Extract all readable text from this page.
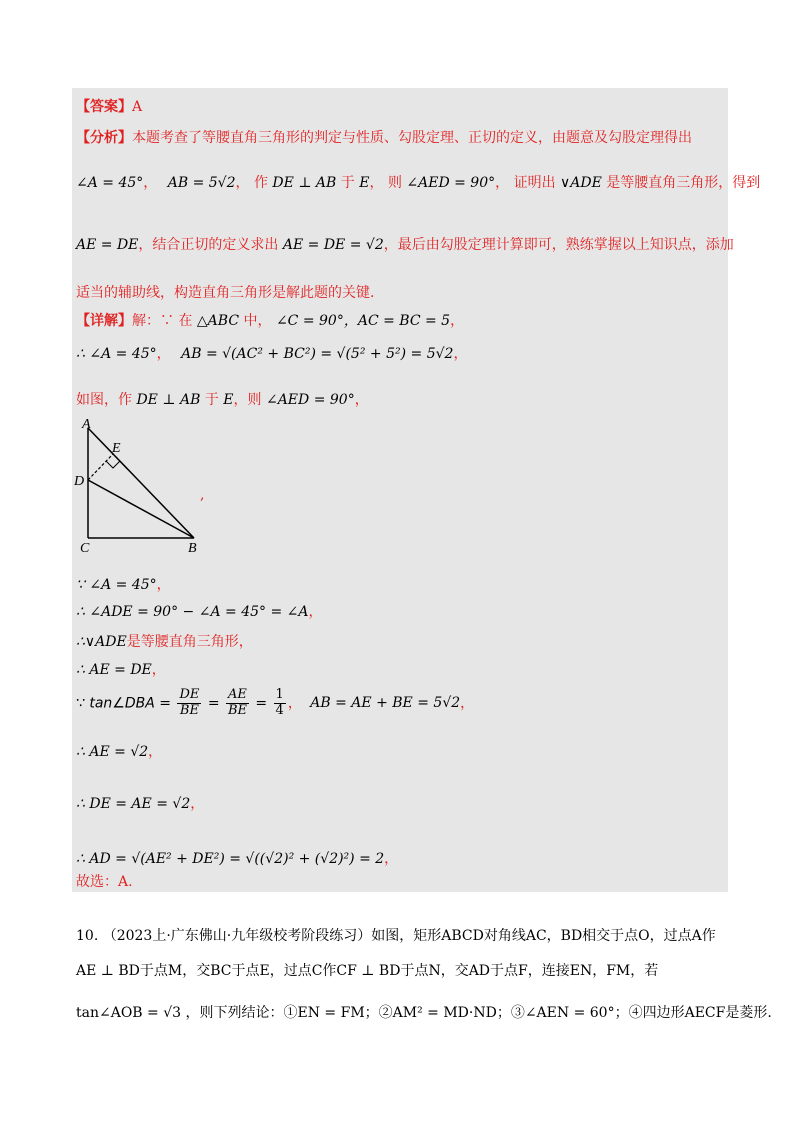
【答案】A
【分析】本题考查了等腰直角三角形的判定与性质、勾股定理、正切的定义，由题意及勾股定理得出
∠A = 45°， AB = 5√2， 作 DE ⊥ AB 于 E， 则 ∠AED = 90°， 证明出 ∨ADE 是等腰直角三角形，得到
AE = DE，结合正切的定义求出 AE = DE = √2，最后由勾股定理计算即可，熟练掌握以上知识点，添加
适当的辅助线，构造直角三角形是解此题的关键.
【详解】解：∵ 在 △ABC 中， ∠C = 90°，AC = BC = 5，
∴ ∠A = 45°， AB = √(AC² + BC²) = √(5² + 5²) = 5√2，
如图，作 DE ⊥ AB 于 E，则 ∠AED = 90°，
A
E
D
C	B
,
∵ ∠A = 45°，
∴ ∠ADE = 90° − ∠A = 45° = ∠A，
∴∨ADE是等腰直角三角形，
∴ AE = DE，
∵ tan∠DBA = $\frac{DE}{BE} = \frac{AE}{BE} = \frac{1}{4}$ ， AB = AE + BE = 5√2，
∴ AE = √2，
∴ DE = AE = √2，
∴ AD = √(AE² + DE²) = √((√2)² + (√2)²) = 2，
故选：A.
10. （2023上·广东佛山·九年级校考阶段练习）如图，矩形ABCD对角线AC，BD相交于点O，过点A作
AE ⊥ BD于点M，交BC于点E，过点C作CF ⊥ BD于点N，交AD于点F，连接EN，FM，若
tan∠AOB = √3 ，则下列结论：①EN = FM；②AM² = MD·ND；③∠AEN = 60°；④四边形AECF是菱形.
